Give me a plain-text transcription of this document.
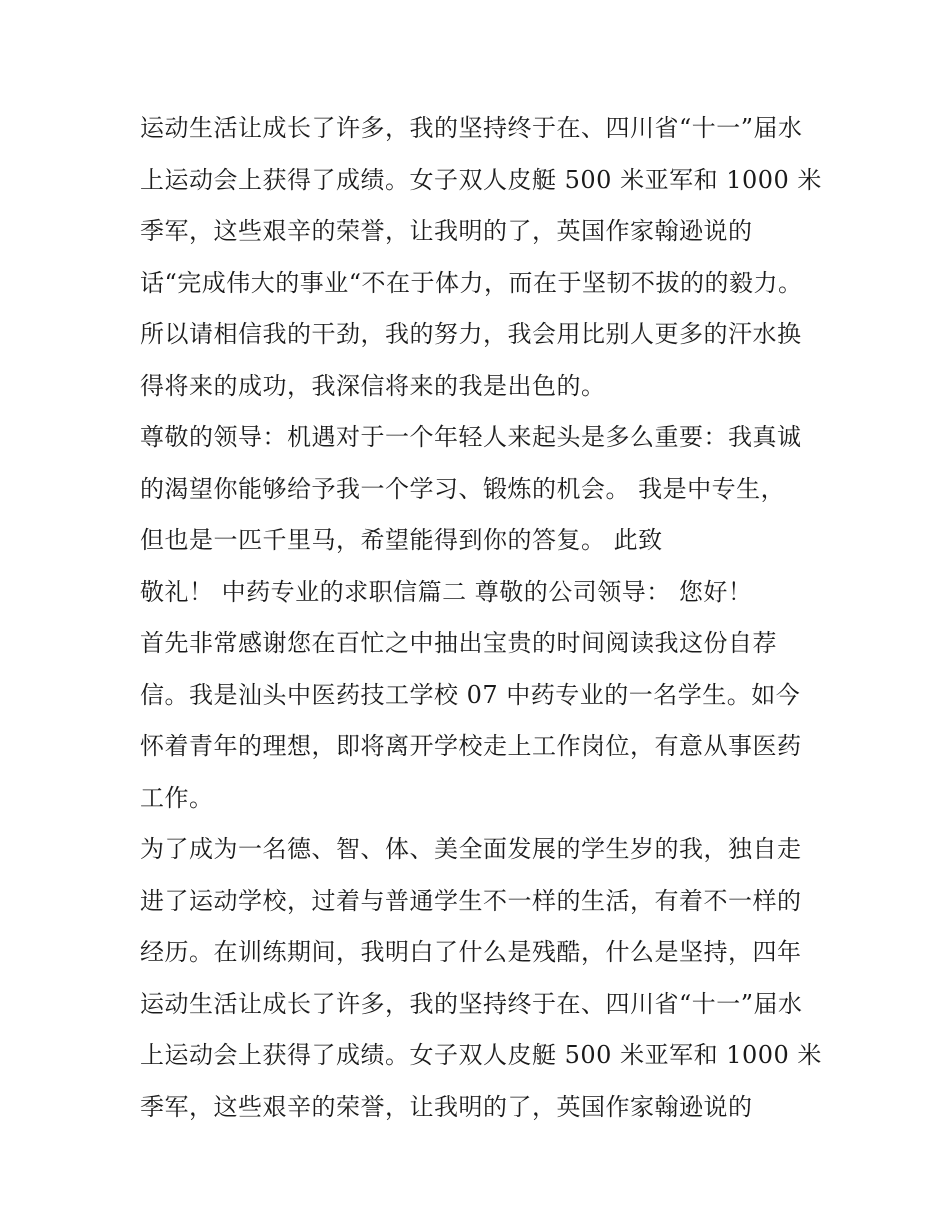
运动生活让成长了许多，我的坚持终于在、四川省“十一”届水
上运动会上获得了成绩。女子双人皮艇 500 米亚军和 1000 米
季军，这些艰辛的荣誉，让我明的了，英国作家翰逊说的
话“完成伟大的事业“不在于体力，而在于坚韧不拔的的毅力。
所以请相信我的干劲，我的努力，我会用比别人更多的汗水换
得将来的成功，我深信将来的我是出色的。
尊敬的领导：机遇对于一个年轻人来起头是多么重要：我真诚
的渴望你能够给予我一个学习、锻炼的机会。 我是中专生，
但也是一匹千里马，希望能得到你的答复。 此致
敬礼！ 中药专业的求职信篇二 尊敬的公司领导： 您好！
首先非常感谢您在百忙之中抽出宝贵的时间阅读我这份自荐
信。我是汕头中医药技工学校 07 中药专业的一名学生。如今
怀着青年的理想，即将离开学校走上工作岗位，有意从事医药
工作。
为了成为一名德、智、体、美全面发展的学生岁的我，独自走
进了运动学校，过着与普通学生不一样的生活，有着不一样的
经历。在训练期间，我明白了什么是残酷，什么是坚持，四年
运动生活让成长了许多，我的坚持终于在、四川省“十一”届水
上运动会上获得了成绩。女子双人皮艇 500 米亚军和 1000 米
季军，这些艰辛的荣誉，让我明的了，英国作家翰逊说的
